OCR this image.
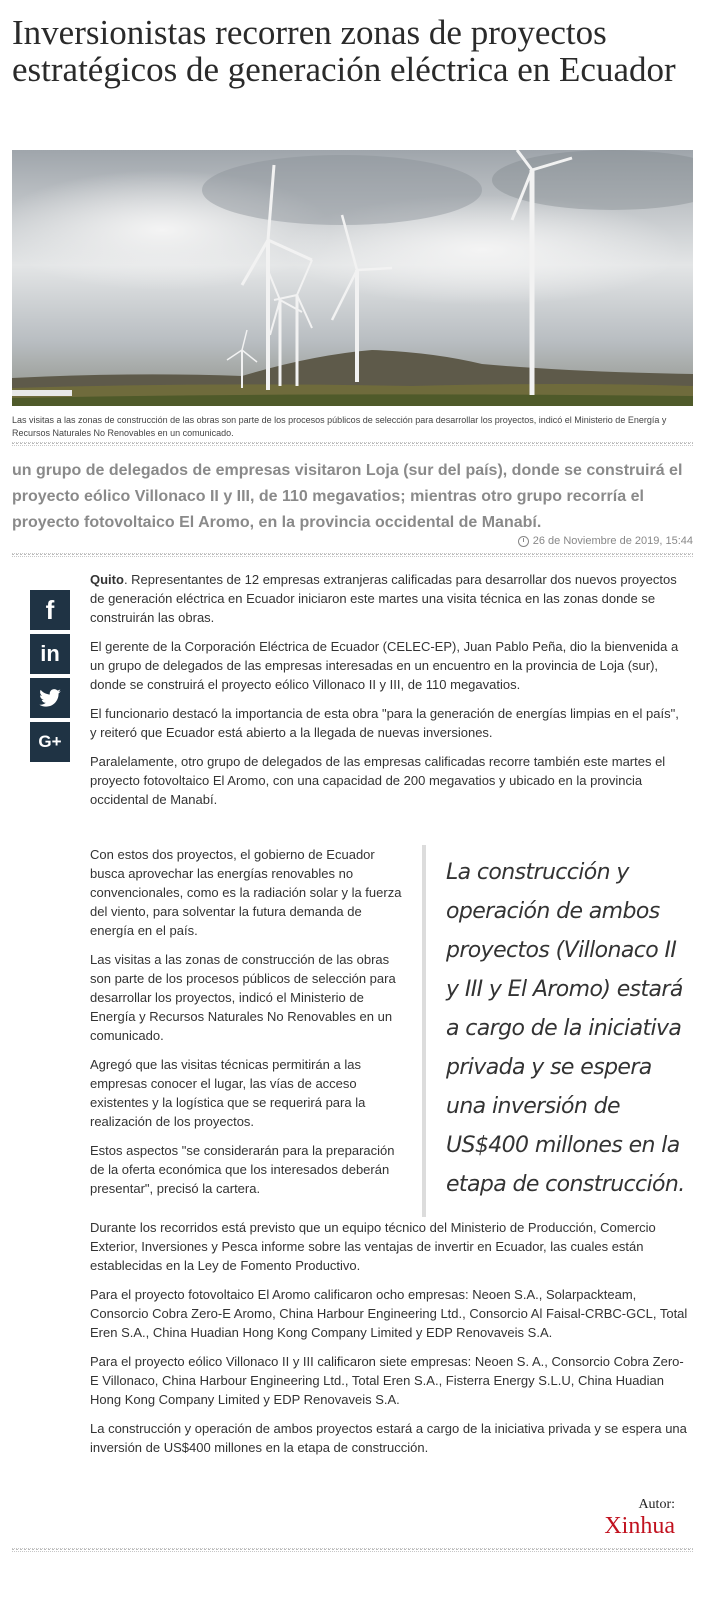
Inversionistas recorren zonas de proyectos estratégicos de generación eléctrica en Ecuador
Las visitas a las zonas de construcción de las obras son parte de los procesos públicos de selección para desarrollar los proyectos, indicó el Ministerio de Energía y Recursos Naturales No Renovables en un comunicado.
un grupo de delegados de empresas visitaron Loja (sur del país), donde se construirá el proyecto eólico Villonaco II y III, de 110 megavatios; mientras otro grupo recorría el proyecto fotovoltaico El Aromo, en la provincia occidental de Manabí.
26 de Noviembre de 2019, 15:44
f
in
G+

Quito. Representantes de 12 empresas extranjeras calificadas para desarrollar dos nuevos proyectos de generación eléctrica en Ecuador iniciaron este martes una visita técnica en las zonas donde se construirán las obras.

El gerente de la Corporación Eléctrica de Ecuador (CELEC-EP), Juan Pablo Peña, dio la bienvenida a un grupo de delegados de las empresas interesadas en un encuentro en la provincia de Loja (sur), donde se construirá el proyecto eólico Villonaco II y III, de 110 megavatios.

El funcionario destacó la importancia de esta obra "para la generación de energías limpias en el país", y reiteró que Ecuador está abierto a la llegada de nuevas inversiones.

Paralelamente, otro grupo de delegados de las empresas calificadas recorre también este martes el proyecto fotovoltaico El Aromo, con una capacidad de 200 megavatios y ubicado en la provincia occidental de Manabí.

Con estos dos proyectos, el gobierno de Ecuador busca aprovechar las energías renovables no convencionales, como es la radiación solar y la fuerza del viento, para solventar la futura demanda de energía en el país.

Las visitas a las zonas de construcción de las obras son parte de los procesos públicos de selección para desarrollar los proyectos, indicó el Ministerio de Energía y Recursos Naturales No Renovables en un comunicado.

Agregó que las visitas técnicas permitirán a las empresas conocer el lugar, las vías de acceso existentes y la logística que se requerirá para la realización de los proyectos.

Estos aspectos "se considerarán para la preparación de la oferta económica que los interesados deberán presentar", precisó la cartera.

La construcción y operación de ambos proyectos (Villonaco II y III y El Aromo) estará a cargo de la iniciativa privada y se espera una inversión de US$400 millones en la etapa de construcción.

Durante los recorridos está previsto que un equipo técnico del Ministerio de Producción, Comercio Exterior, Inversiones y Pesca informe sobre las ventajas de invertir en Ecuador, las cuales están establecidas en la Ley de Fomento Productivo.

Para el proyecto fotovoltaico El Aromo calificaron ocho empresas: Neoen S.A., Solarpackteam, Consorcio Cobra Zero-E Aromo, China Harbour Engineering Ltd., Consorcio Al Faisal-CRBC-GCL, Total Eren S.A., China Huadian Hong Kong Company Limited y EDP Renovaveis S.A.

Para el proyecto eólico Villonaco II y III calificaron siete empresas: Neoen S. A., Consorcio Cobra Zero-E Villonaco, China Harbour Engineering Ltd., Total Eren S.A., Fisterra Energy S.L.U, China Huadian Hong Kong Company Limited y EDP Renovaveis S.A.

La construcción y operación de ambos proyectos estará a cargo de la iniciativa privada y se espera una inversión de US$400 millones en la etapa de construcción.

Autor:
Xinhua
